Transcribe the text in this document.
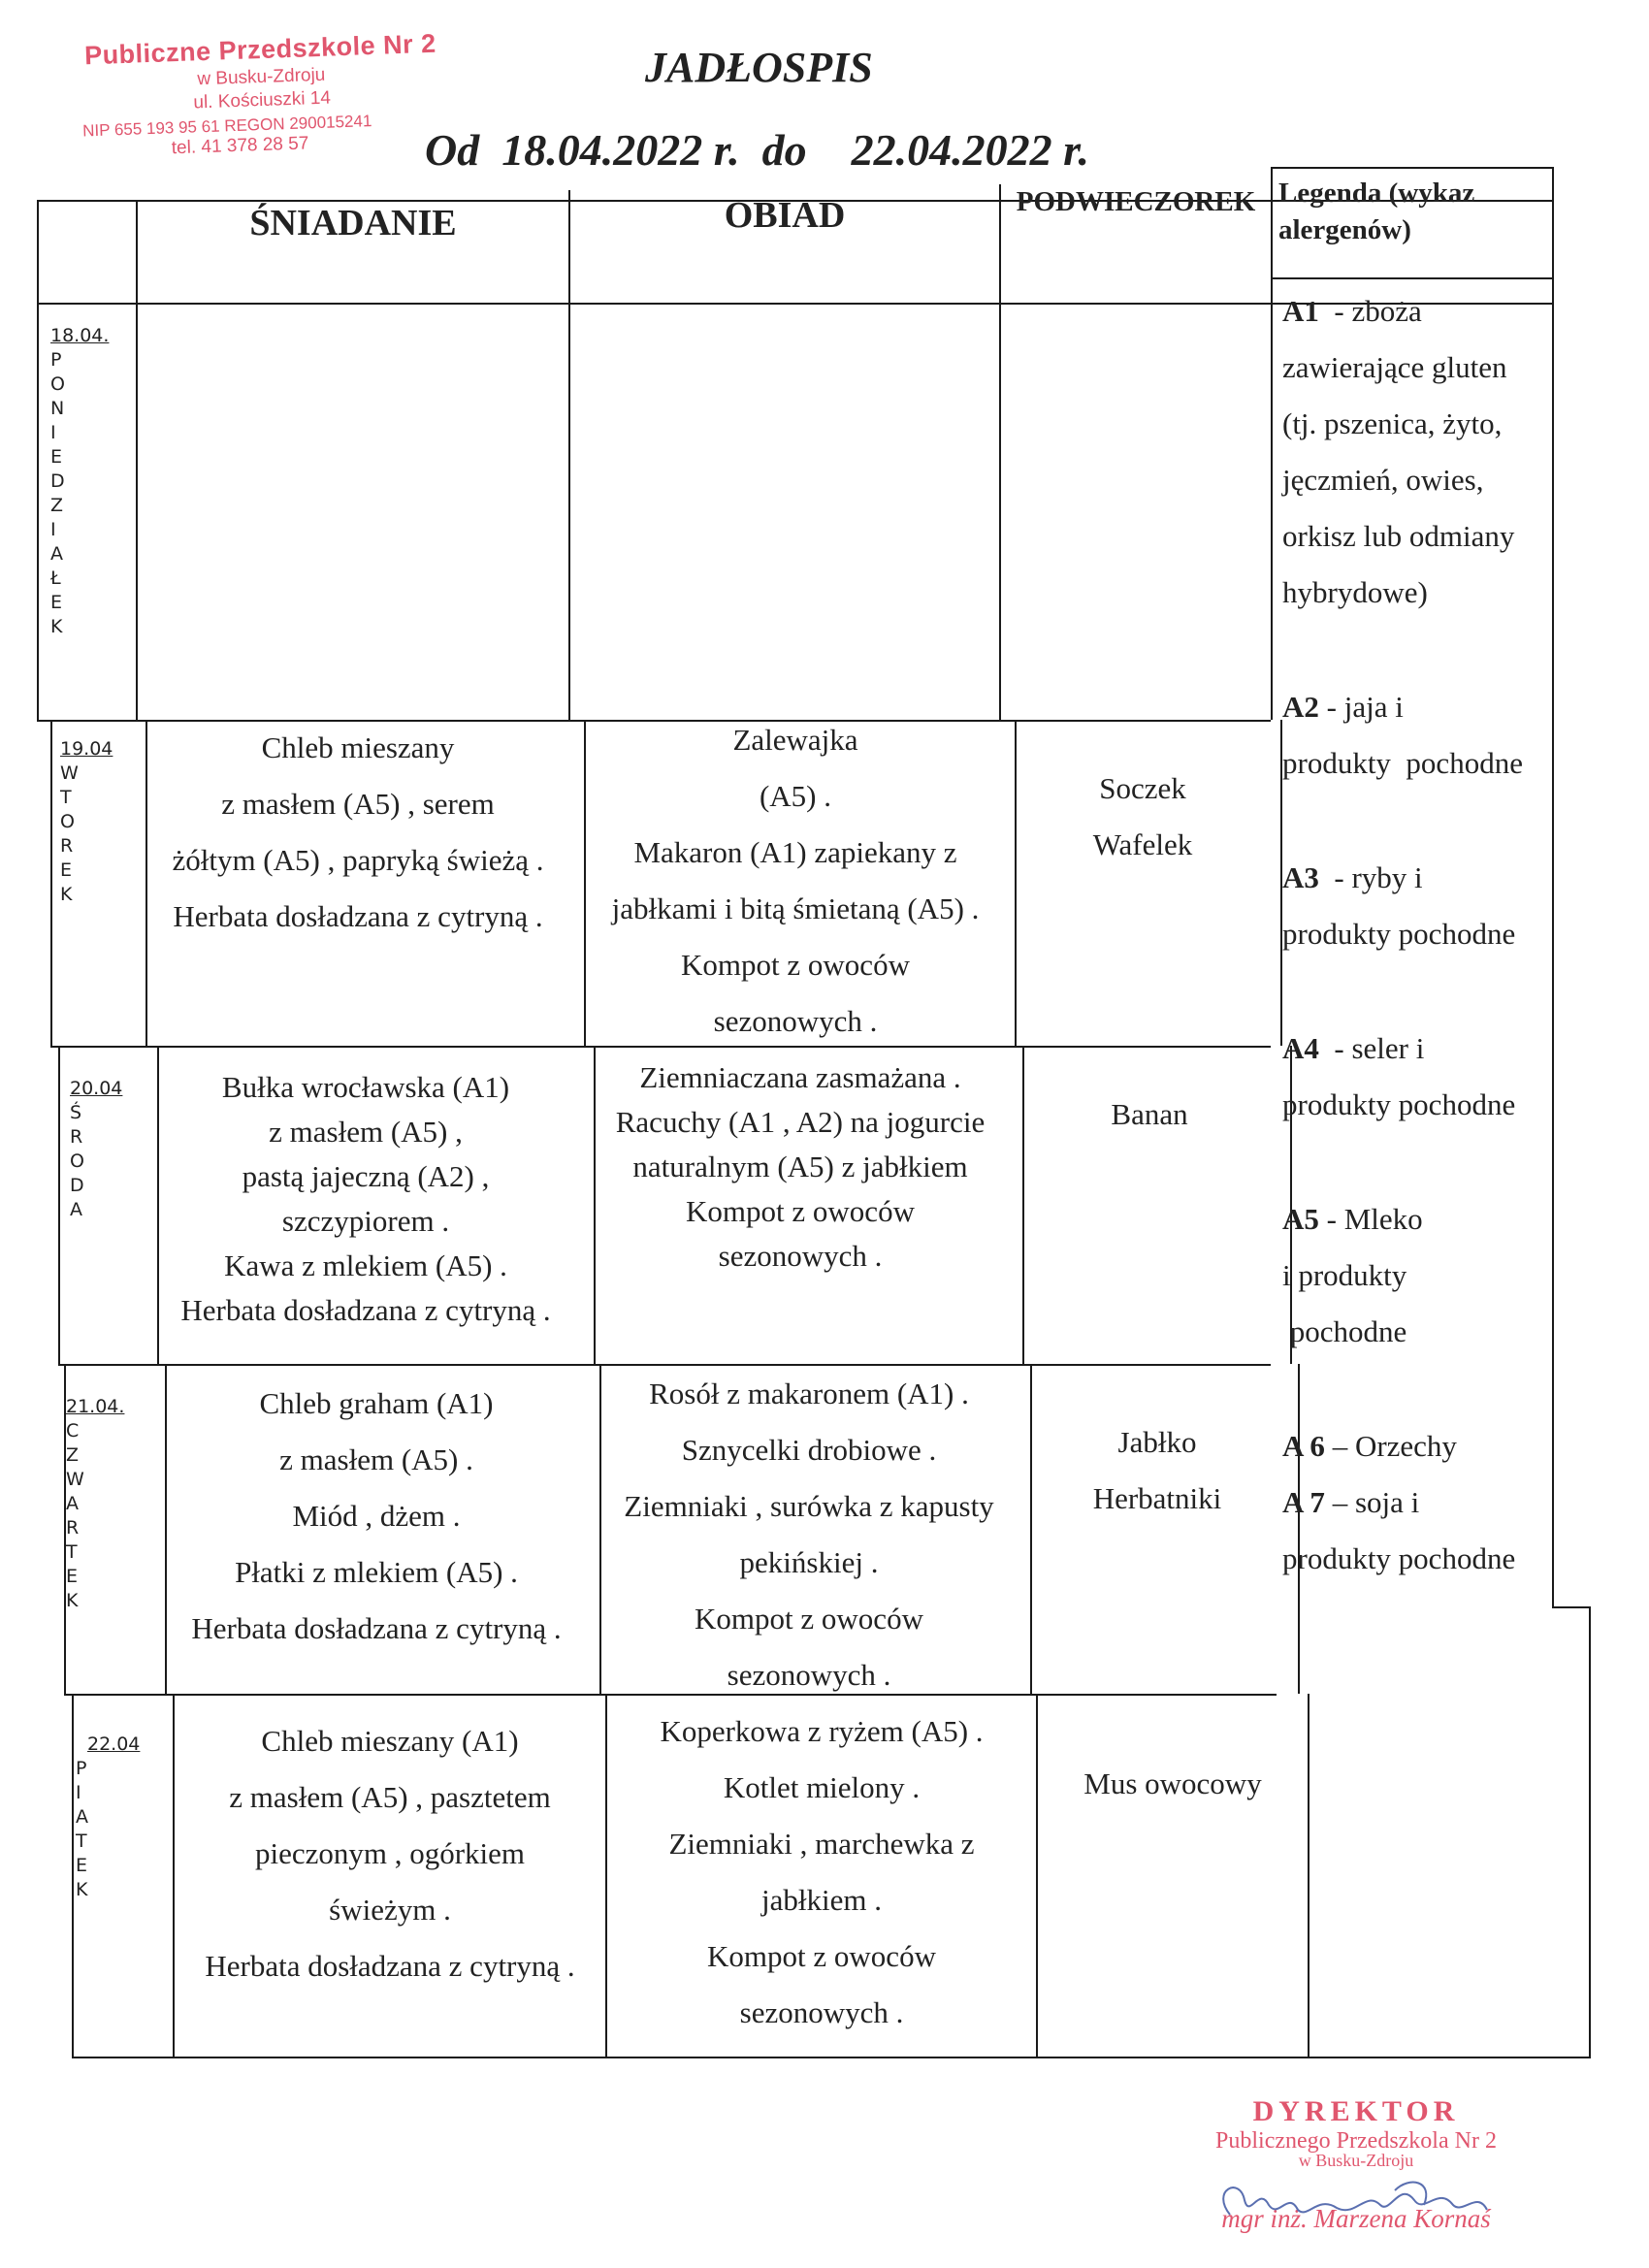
Publiczne Przedszkole Nr 2
w Busku-Zdroju
ul. Kościuszki 14
NIP 655 193 95 61 REGON 290015241
tel. 41 378 28 57
JADŁOSPIS
Od 18.04.2022 r. do 22.04.2022 r.
ŚNIADANIE	OBIAD	PODWIECZOREK Legenda (wykaz
alergenów)
18.04.
P
O
N
I
E
D
Z
I
A
Ł
E
K
19.04
W
T
O
R
E
K
20.04
Ś
R
O
D
A
21.04.
C
Z
W
A
R
T
E
K
22.04
P
I
A
T
E
K
Chleb mieszany
z masłem (A5) , serem
żółtym (A5) , papryką świeżą .
Herbata dosładzana z cytryną .
Zalewajka
(A5) .
Makaron (A1) zapiekany z
jabłkami i bitą śmietaną (A5) .
Kompot z owoców
sezonowych .
Soczek
Wafelek
Bułka wrocławska (A1)
z masłem (A5) ,
pastą jajeczną (A2) ,
szczypiorem .
Kawa z mlekiem (A5) .
Herbata dosładzana z cytryną .
Ziemniaczana zasmażana .
Racuchy (A1 , A2) na jogurcie
naturalnym (A5) z jabłkiem
Kompot z owoców
sezonowych .
Banan
Chleb graham (A1)
z masłem (A5) .
Miód , dżem .
Płatki z mlekiem (A5) .
Herbata dosładzana z cytryną .
Rosół z makaronem (A1) .
Sznycelki drobiowe .
Ziemniaki , surówka z kapusty
pekińskiej .
Kompot z owoców
sezonowych .
Jabłko
Herbatniki
Chleb mieszany (A1)
z masłem (A5) , pasztetem
pieczonym , ogórkiem
świeżym .
Herbata dosładzana z cytryną .
Koperkowa z ryżem (A5) .
Kotlet mielony .
Ziemniaki , marchewka z
jabłkiem .
Kompot z owoców
sezonowych .
Mus owocowy
A1  - zboża
zawierające gluten
(tj. pszenica, żyto,
jęczmień, owies,
orkisz lub odmiany
hybrydowe)
A2 - jaja i
produkty  pochodne
A3  - ryby i
produkty pochodne
A4  - seler i
produkty pochodne
A5 - Mleko
i produkty
pochodne
A 6 – Orzechy
A 7 – soja i
produkty pochodne
DYREKTOR
Publicznego Przedszkola Nr 2
w Busku-Zdroju
mgr inż. Marzena Kornaś
